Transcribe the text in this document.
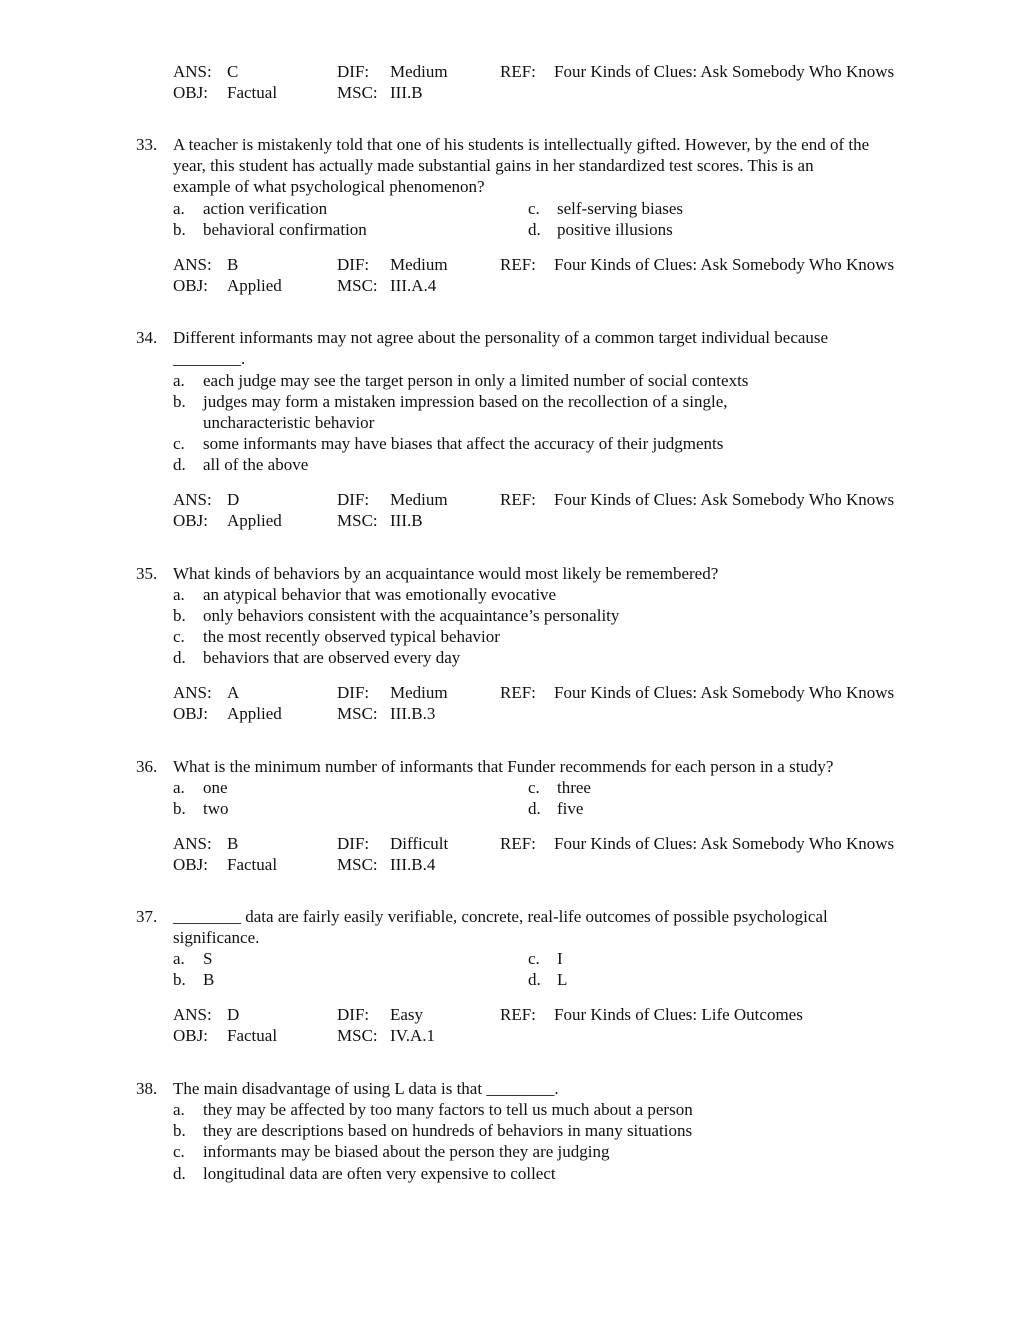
ANS: C	DIF: Medium	REF: Four Kinds of Clues: Ask Somebody Who Knows
OBJ: Factual	MSC: III.B
33. A teacher is mistakenly told that one of his students is intellectually gifted. However, by the end of the
year, this student has actually made substantial gains in her standardized test scores. This is an
example of what psychological phenomenon?
a. action verification	c. self-serving biases
b. behavioral confirmation	d. positive illusions
ANS: B	DIF: Medium	REF: Four Kinds of Clues: Ask Somebody Who Knows
OBJ: Applied	MSC: III.A.4
34. Different informants may not agree about the personality of a common target individual because
________.
a. each judge may see the target person in only a limited number of social contexts
b. judges may form a mistaken impression based on the recollection of a single,
uncharacteristic behavior
c. some informants may have biases that affect the accuracy of their judgments
d. all of the above
ANS: D	DIF: Medium	REF: Four Kinds of Clues: Ask Somebody Who Knows
OBJ: Applied	MSC: III.B
35. What kinds of behaviors by an acquaintance would most likely be remembered?
a. an atypical behavior that was emotionally evocative
b. only behaviors consistent with the acquaintance’s personality
c. the most recently observed typical behavior
d. behaviors that are observed every day
ANS: A	DIF: Medium	REF: Four Kinds of Clues: Ask Somebody Who Knows
OBJ: Applied	MSC: III.B.3
36. What is the minimum number of informants that Funder recommends for each person in a study?
a. one	c. three
b. two	d. five
ANS: B	DIF: Difficult	REF: Four Kinds of Clues: Ask Somebody Who Knows
OBJ: Factual	MSC: III.B.4
37. ________ data are fairly easily verifiable, concrete, real-life outcomes of possible psychological
significance.
a. S	c. I
b. B	d. L
ANS: D	DIF: Easy	REF: Four Kinds of Clues: Life Outcomes
OBJ: Factual	MSC: IV.A.1
38. The main disadvantage of using L data is that ________.
a. they may be affected by too many factors to tell us much about a person
b. they are descriptions based on hundreds of behaviors in many situations
c. informants may be biased about the person they are judging
d. longitudinal data are often very expensive to collect
